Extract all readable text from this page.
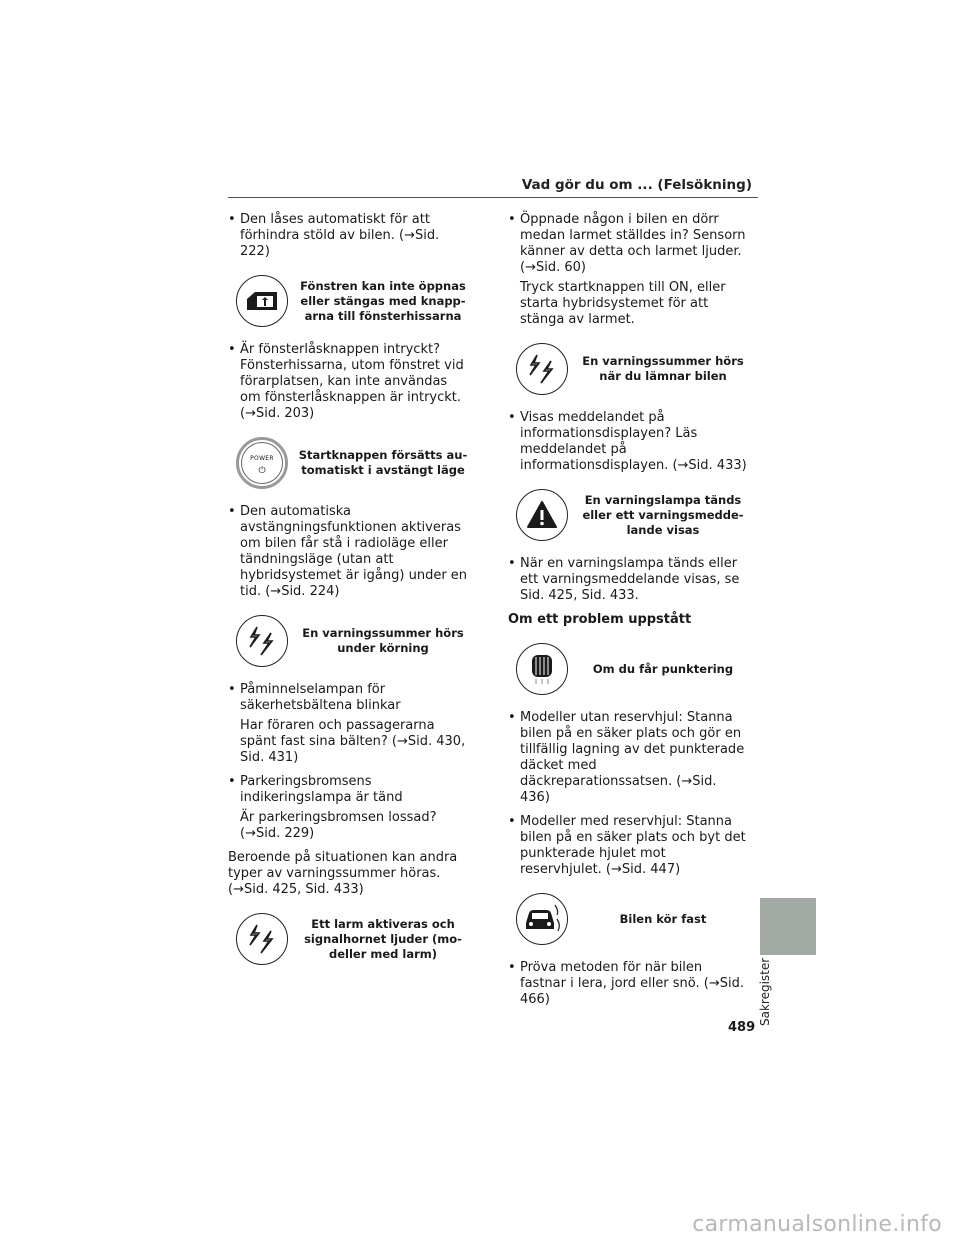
Vad gör du om ... (Felsökning)
• Den låses automatiskt för att förhindra stöld av bilen. (→Sid. 222)
Fönstren kan inte öppnas eller stängas med knapp-arna till fönsterhissarna
• Är fönsterlåsknappen intryckt? Fönsterhissarna, utom fönstret vid förarplatsen, kan inte användas om fönsterlåsknappen är intryckt. (→Sid. 203)
POWER
⏻
Startknappen försätts au-tomatiskt i avstängt läge
• Den automatiska avstängningsfunktionen aktiveras om bilen får stå i radioläge eller tändningsläge (utan att hybridsystemet är igång) under en tid. (→Sid. 224)
En varningssummer hörs under körning
• Påminnelselampan för säkerhetsbältena blinkar
Har föraren och passagerarna spänt fast sina bälten? (→Sid. 430, Sid. 431)
• Parkeringsbromsens indikeringslampa är tänd
Är parkeringsbromsen lossad? (→Sid. 229)
Beroende på situationen kan andra typer av varningssummer höras. (→Sid. 425, Sid. 433)
Ett larm aktiveras och signalhornet ljuder (mo-deller med larm)
• Öppnade någon i bilen en dörr medan larmet ställdes in? Sensorn känner av detta och larmet ljuder. (→Sid. 60)
Tryck startknappen till ON, eller starta hybridsystemet för att stänga av larmet.
En varningssummer hörs när du lämnar bilen
• Visas meddelandet på informationsdisplayen? Läs meddelandet på informationsdisplayen. (→Sid. 433)
En varningslampa tänds eller ett varningsmedde-lande visas
• När en varningslampa tänds eller ett varningsmeddelande visas, se Sid. 425, Sid. 433.
Om ett problem uppstått
Om du får punktering
• Modeller utan reservhjul: Stanna bilen på en säker plats och gör en tillfällig lagning av det punkterade däcket med däckreparationssatsen. (→Sid. 436)
• Modeller med reservhjul: Stanna bilen på en säker plats och byt det punkterade hjulet mot reservhjulet. (→Sid. 447)
Bilen kör fast
• Pröva metoden för när bilen fastnar i lera, jord eller snö. (→Sid. 466)	Sakregister
489
carmanualsonline.info
